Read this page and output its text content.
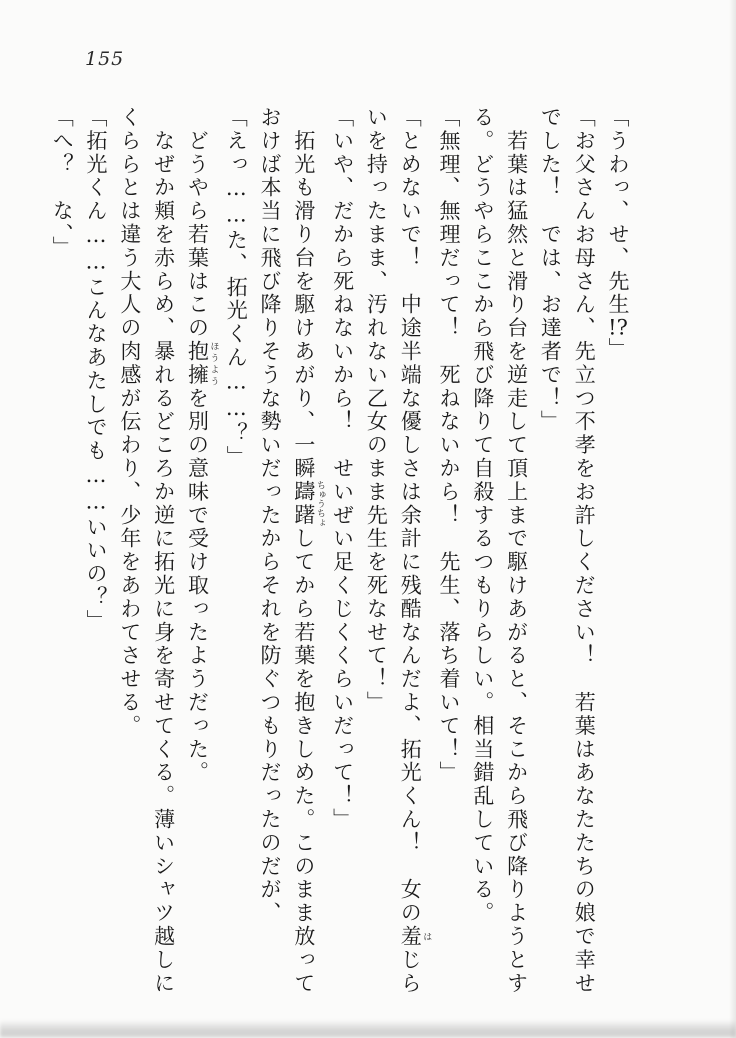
155
「うわっ、せ、先生!?」
「お父さんお母さん、先立つ不孝をお許しください！　若葉はあなたたちの娘で幸せ
でした！　では、お達者で！」
　若葉は猛然と滑り台を逆走して頂上まで駆けあがると、そこから飛び降りようとす
る。どうやらここから飛び降りて自殺するつもりらしい。相当錯乱している。
「無理、無理だって！　死ねないから！　先生、落ち着いて！」
「とめないで！　中途半端な優しさは余計に残酷なんだよ、拓光くん！　女の羞 はじら
いを持ったまま、汚れない乙女のまま先生を死なせて！」
「いや、だから死ねないから！　せいぜい足くじくくらいだって！」
　拓光も滑り台を駆けあがり、一瞬躊躇 ちゅうちょしてから若葉を抱きしめた。このまま放って
おけば本当に飛び降りそうな勢いだったからそれを防ぐつもりだったのだが、
「えっ……た、拓光くん……？」
　どうやら若葉はこの抱擁 ほうようを別の意味で受け取ったようだった。
　なぜか頬を赤らめ、暴れるどころか逆に拓光に身を寄せてくる。薄いシャツ越しに
くららとは違う大人の肉感が伝わり、少年をあわてさせる。
「拓光くん……こんなあたしでも……いいの？」
「へ？　な、」
